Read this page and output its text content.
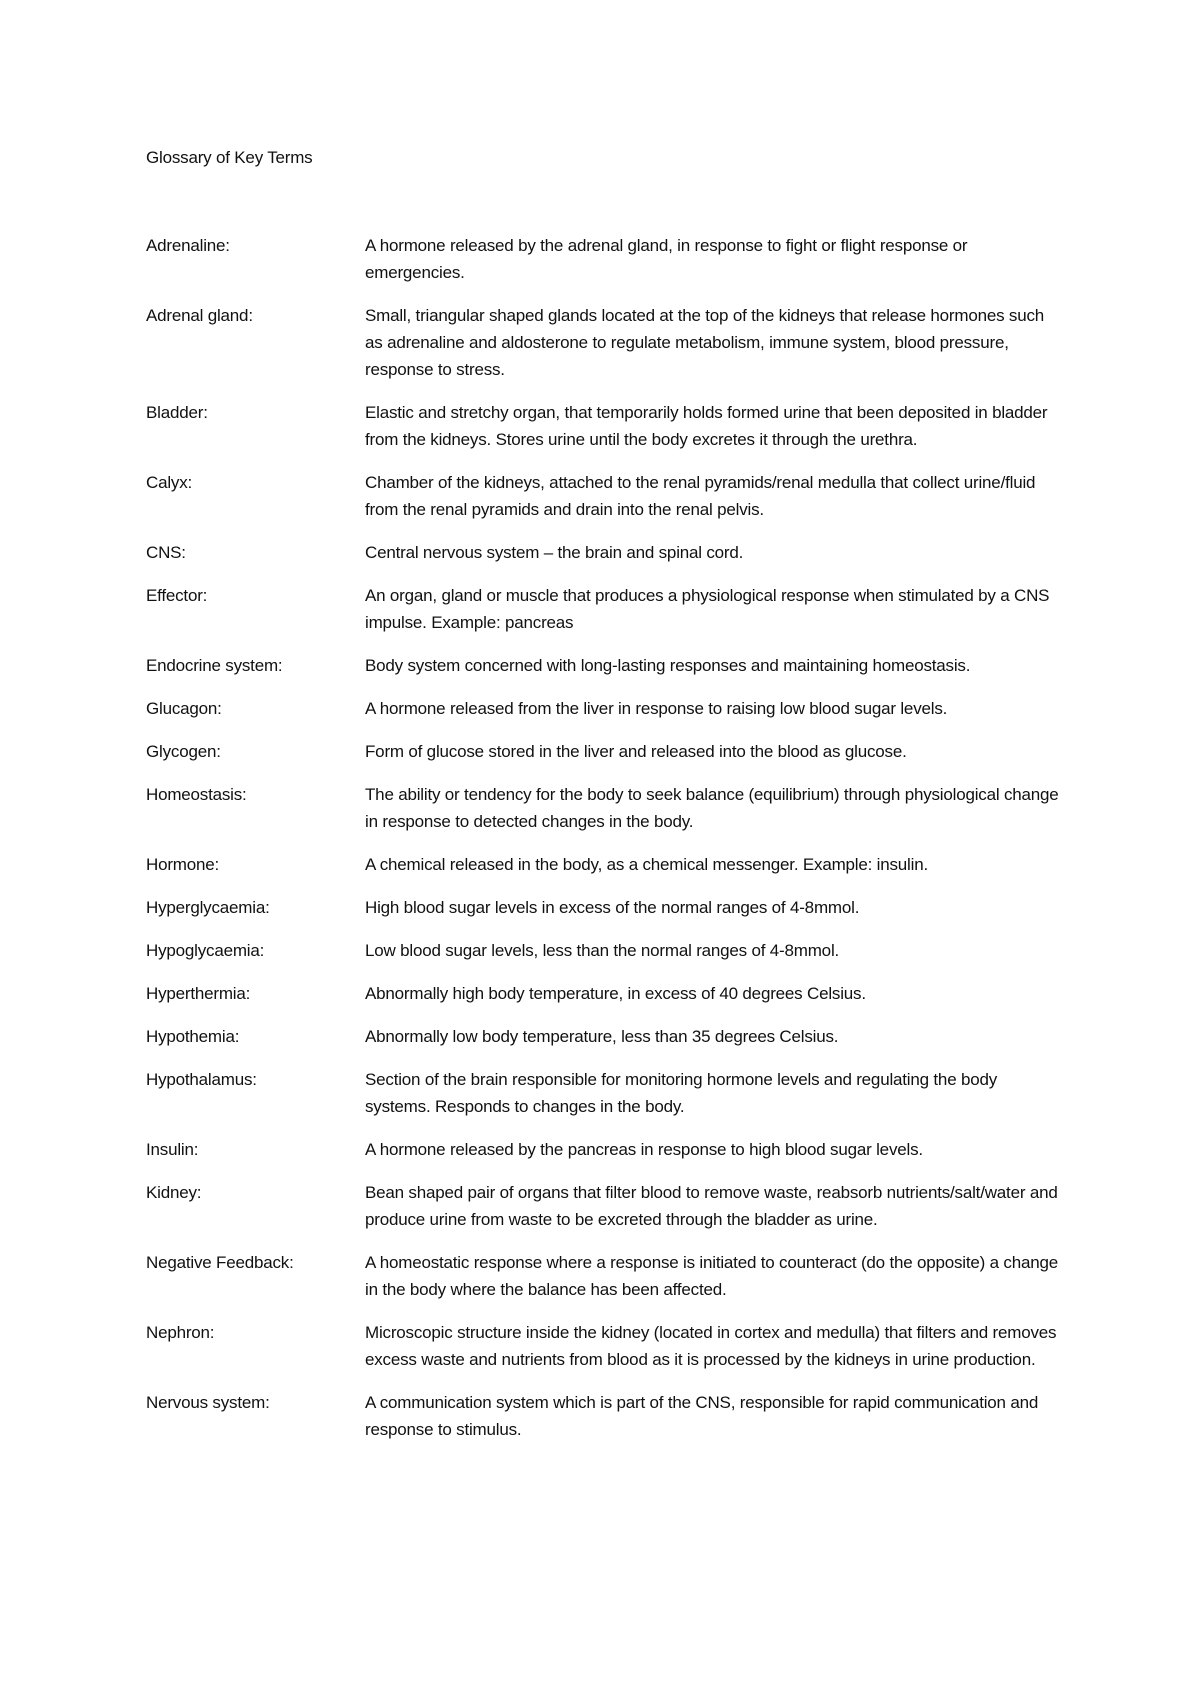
Glossary of Key Terms
Adrenaline:	A hormone released by the adrenal gland, in response to fight or flight response or emergencies.
Adrenal gland:	Small, triangular shaped glands located at the top of the kidneys that release hormones such as adrenaline and aldosterone to regulate metabolism, immune system, blood pressure, response to stress.
Bladder:	Elastic and stretchy organ, that temporarily holds formed urine that been deposited in bladder from the kidneys. Stores urine until the body excretes it through the urethra.
Calyx:	Chamber of the kidneys, attached to the renal pyramids/renal medulla that collect urine/fluid from the renal pyramids and drain into the renal pelvis.
CNS:	Central nervous system – the brain and spinal cord.
Effector:	An organ, gland or muscle that produces a physiological response when stimulated by a CNS impulse. Example: pancreas
Endocrine system:	Body system concerned with long-lasting responses and maintaining homeostasis.
Glucagon:	A hormone released from the liver in response to raising low blood sugar levels.
Glycogen:	Form of glucose stored in the liver and released into the blood as glucose.
Homeostasis:	The ability or tendency for the body to seek balance (equilibrium) through physiological change in response to detected changes in the body.
Hormone:	A chemical released in the body, as a chemical messenger. Example: insulin.
Hyperglycaemia:	High blood sugar levels in excess of the normal ranges of 4-8mmol.
Hypoglycaemia:	Low blood sugar levels, less than the normal ranges of 4-8mmol.
Hyperthermia:	Abnormally high body temperature, in excess of 40 degrees Celsius.
Hypothemia:	Abnormally low body temperature, less than 35 degrees Celsius.
Hypothalamus:	Section of the brain responsible for monitoring hormone levels and regulating the body systems. Responds to changes in the body.
Insulin:	A hormone released by the pancreas in response to high blood sugar levels.
Kidney:	Bean shaped pair of organs that filter blood to remove waste, reabsorb nutrients/salt/water and produce urine from waste to be excreted through the bladder as urine.
Negative Feedback:	A homeostatic response where a response is initiated to counteract (do the opposite) a change in the body where the balance has been affected.
Nephron:	Microscopic structure inside the kidney (located in cortex and medulla) that filters and removes excess waste and nutrients from blood as it is processed by the kidneys in urine production.
Nervous system:	A communication system which is part of the CNS, responsible for rapid communication and response to stimulus.
